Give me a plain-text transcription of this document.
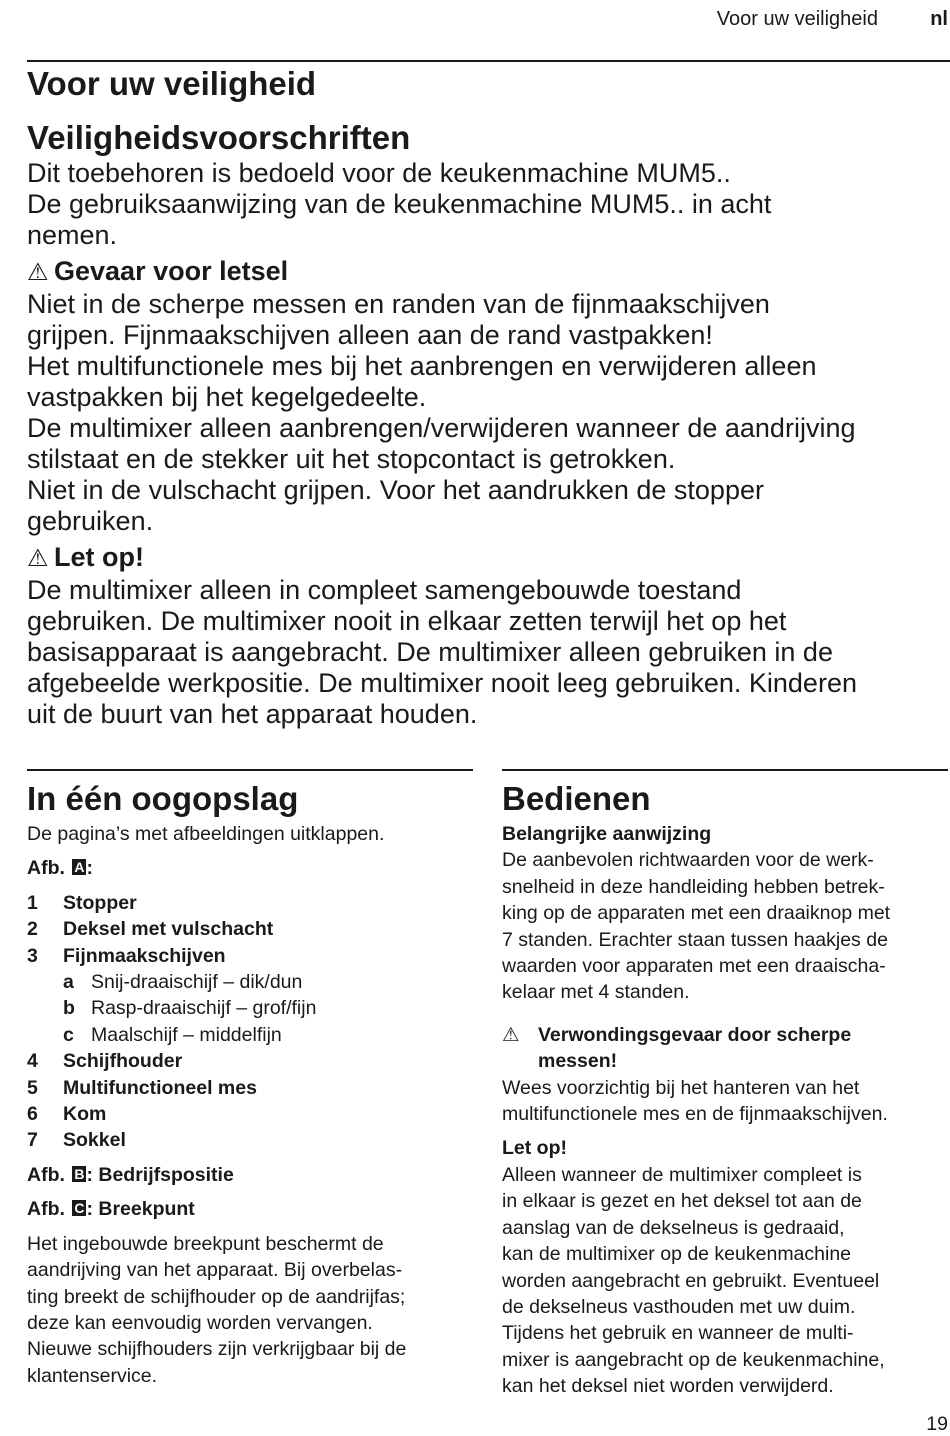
Voor uw veiligheid	nl
Voor uw veiligheid
Veiligheidsvoorschriften

Dit toebehoren is bedoeld voor de keukenmachine MUM5..

De gebruiksaanwijzing van de keukenmachine MUM5.. in acht

nemen.

⚠ Gevaar voor letsel

Niet in de scherpe messen en randen van de fijnmaakschijven

grijpen. Fijnmaakschijven alleen aan de rand vastpakken!

Het multifunctionele mes bij het aanbrengen en verwijderen alleen

vastpakken bij het kegelgedeelte.

De multimixer alleen aanbrengen/verwijderen wanneer de aandrijving

stilstaat en de stekker uit het stopcontact is getrokken.

Niet in de vulschacht grijpen. Voor het aandrukken de stopper

gebruiken.

⚠ Let op!

De multimixer alleen in compleet samengebouwde toestand

gebruiken. De multimixer nooit in elkaar zetten terwijl het op het

basisapparaat is aangebracht. De multimixer alleen gebruiken in de

afgebeelde werkpositie. De multimixer nooit leeg gebruiken. Kinderen

uit de buurt van het apparaat houden.

In één oogopslag

De pagina’s met afbeeldingen uitklappen.

Afb. A :

1 Stopper
2 Deksel met vulschacht
3 Fijnmaakschijven
a Snij-draaischijf – dik/dun
b Rasp-draaischijf – grof/fijn
c Maalschijf – middelfijn
4 Schijfhouder
5 Multifunctioneel mes
6 Kom
7 Sokkel

Afb. B : Bedrijfspositie

Afb. C : Breekpunt

Het ingebouwde breekpunt beschermt de

aandrijving van het apparaat. Bij overbelas-

ting breekt de schijfhouder op de aandrijfas;

deze kan eenvoudig worden vervangen.

Nieuwe schijfhouders zijn verkrijgbaar bij de

klantenservice.

Bedienen

Belangrijke aanwijzing

De aanbevolen richtwaarden voor de werk-

snelheid in deze handleiding hebben betrek-

king op de apparaten met een draaiknop met

7 standen. Erachter staan tussen haakjes de

waarden voor apparaten met een draaischa-

kelaar met 4 standen.

⚠ Verwondingsgevaar door scherpe
messen!

Wees voorzichtig bij het hanteren van het

multifunctionele mes en de fijnmaakschijven.

Let op!

Alleen wanneer de multimixer compleet is

in elkaar is gezet en het deksel tot aan de

aanslag van de dekselneus is gedraaid,

kan de multimixer op de keukenmachine

worden aangebracht en gebruikt. Eventueel

de dekselneus vasthouden met uw duim.

Tijdens het gebruik en wanneer de multi-

mixer is aangebracht op de keukenmachine,

kan het deksel niet worden verwijderd.

19
